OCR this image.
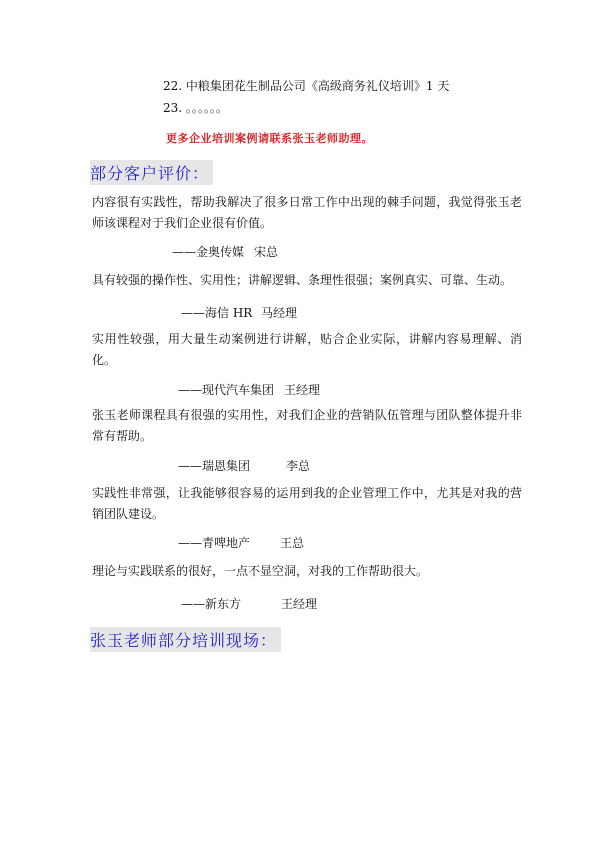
22. 中粮集团花生制品公司《高级商务礼仪培训》1 天
23. 。。。。。。
更多企业培训案例请联系张玉老师助理。
部分客户评价：
内容很有实践性，帮助我解决了很多日常工作中出现的棘手问题，我觉得张玉老师该课程对于我们企业很有价值。
——金奥传媒 宋总
具有较强的操作性、实用性；讲解逻辑、条理性很强；案例真实、可靠、生动。
——海信 HR 马经理
实用性较强，用大量生动案例进行讲解，贴合企业实际，讲解内容易理解、消化。
——现代汽车集团 王经理
张玉老师课程具有很强的实用性，对我们企业的营销队伍管理与团队整体提升非常有帮助。
——瑞恩集团	李总
实践性非常强，让我能够很容易的运用到我的企业管理工作中，尤其是对我的营销团队建设。
——青啤地产 王总
理论与实践联系的很好，一点不显空洞，对我的工作帮助很大。
——新东方	王经理
张玉老师部分培训现场：
